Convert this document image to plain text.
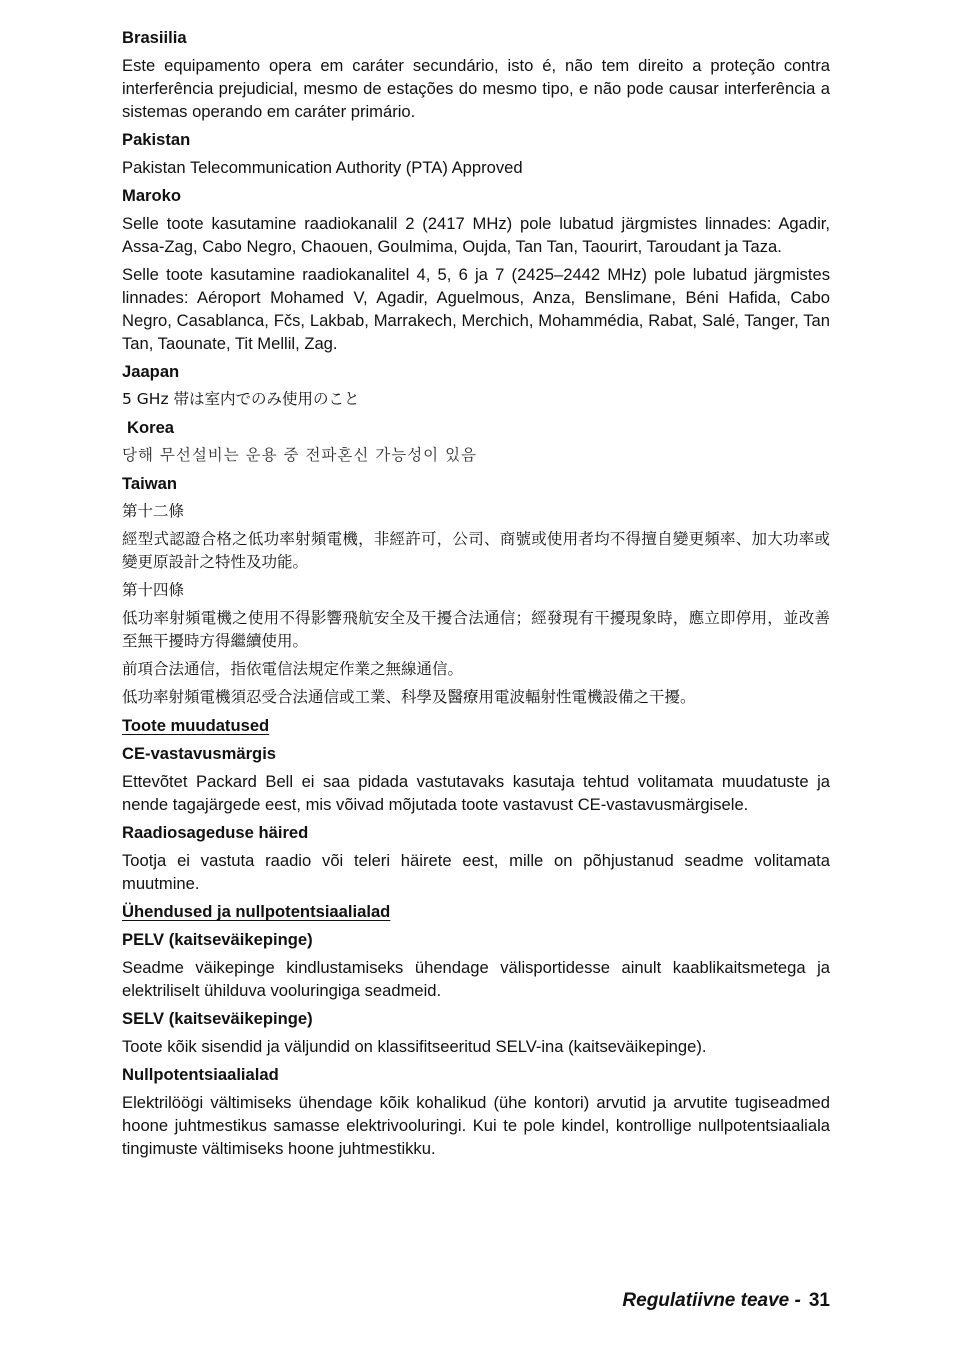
Brasiilia
Este equipamento opera em caráter secundário, isto é, não tem direito a proteção contra interferência prejudicial, mesmo de estações do mesmo tipo, e não pode causar interferência a sistemas operando em caráter primário.
Pakistan
Pakistan Telecommunication Authority (PTA) Approved
Maroko
Selle toote kasutamine raadiokanalil 2 (2417 MHz) pole lubatud järgmistes linnades: Agadir, Assa-Zag, Cabo Negro, Chaouen, Goulmima, Oujda, Tan Tan, Taourirt, Taroudant ja Taza.
Selle toote kasutamine raadiokanalitel 4, 5, 6 ja 7 (2425–2442 MHz) pole lubatud järgmistes linnades: Aéroport Mohamed V, Agadir, Aguelmous, Anza, Benslimane, Béni Hafida, Cabo Negro, Casablanca, Fčs, Lakbab, Marrakech, Merchich, Mohammédia, Rabat, Salé, Tanger, Tan Tan, Taounate, Tit Mellil, Zag.
Jaapan
5 GHz 帯は室内でのみ使用のこと
Korea
당해 무선설비는 운용 중 전파혼신 가능성이 있음
Taiwan
第十二條
經型式認證合格之低功率射頻電機，非經許可，公司、商號或使用者均不得擅自變更頻率、加大功率或變更原設計之特性及功能。
第十四條
低功率射頻電機之使用不得影響飛航安全及干擾合法通信；經發現有干擾現象時，應立即停用，並改善至無干擾時方得繼續使用。
前項合法通信，指依電信法規定作業之無線通信。
低功率射頻電機須忍受合法通信或工業、科學及醫療用電波輻射性電機設備之干擾。
Toote muudatused
CE-vastavusmärgis
Ettevõtet Packard Bell ei saa pidada vastutavaks kasutaja tehtud volitamata muudatuste ja nende tagajärgede eest, mis võivad mõjutada toote vastavust CE-vastavusmärgisele.
Raadiosageduse häired
Tootja ei vastuta raadio või teleri häirete eest, mille on põhjustanud seadme volitamata muutmine.
Ühendused ja nullpotentsiaalialad
PELV (kaitseväikepinge)
Seadme väikepinge kindlustamiseks ühendage välisportidesse ainult kaablikaitsmetega ja elektriliselt ühilduva vooluringiga seadmeid.
SELV (kaitseväikepinge)
Toote kõik sisendid ja väljundid on klassifitseeritud SELV-ina (kaitseväikepinge).
Nullpotentsiaalialad
Elektrilöögi vältimiseks ühendage kõik kohalikud (ühe kontori) arvutid ja arvutite tugiseadmed hoone juhtmestikus samasse elektrivooluringi. Kui te pole kindel, kontrollige nullpotentsiaaliala tingimuste vältimiseks hoone juhtmestikku.
Regulatiivne teave - 31
